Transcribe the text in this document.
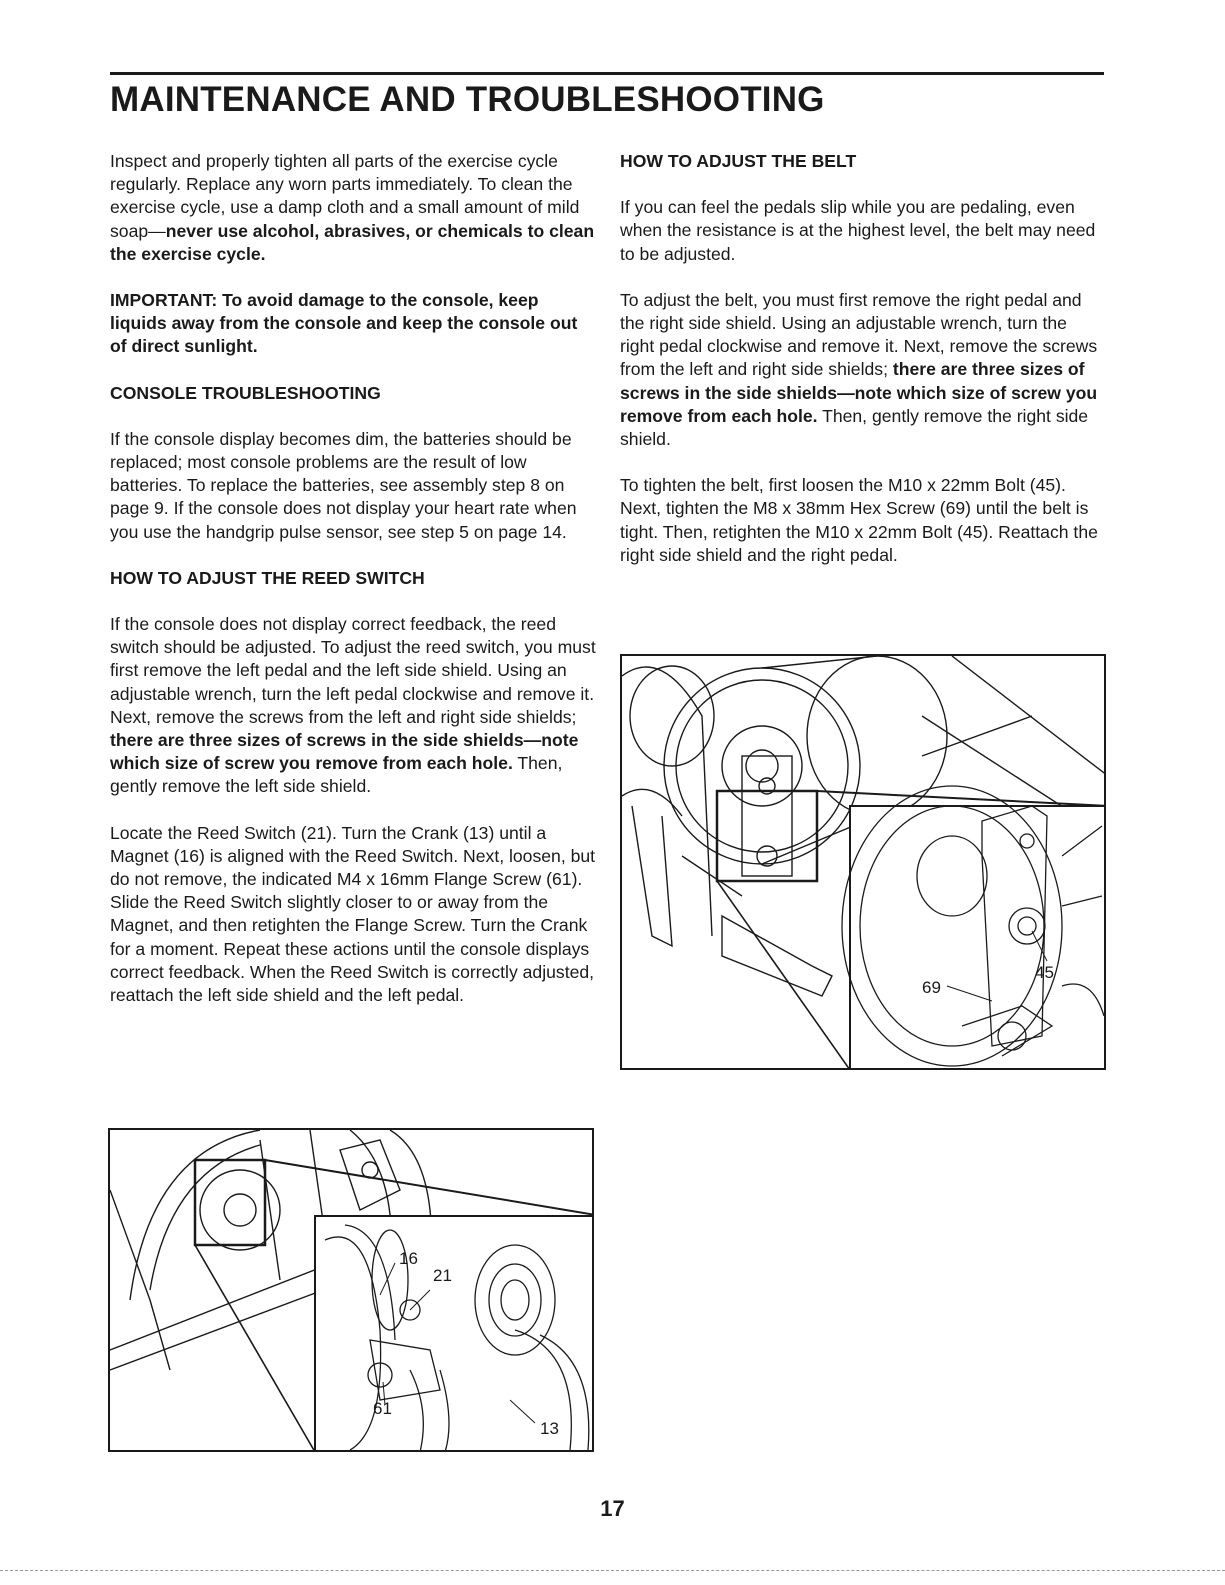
MAINTENANCE AND TROUBLESHOOTING

Inspect and properly tighten all parts of the exercise cycle regularly. Replace any worn parts immediately. To clean the exercise cycle, use a damp cloth and a small amount of mild soap—never use alcohol, abrasives, or chemicals to clean the exercise cycle.

IMPORTANT: To avoid damage to the console, keep liquids away from the console and keep the console out of direct sunlight.

CONSOLE TROUBLESHOOTING

If the console display becomes dim, the batteries should be replaced; most console problems are the result of low batteries. To replace the batteries, see assembly step 8 on page 9. If the console does not display your heart rate when you use the handgrip pulse sensor, see step 5 on page 14.

HOW TO ADJUST THE REED SWITCH

If the console does not display correct feedback, the reed switch should be adjusted. To adjust the reed switch, you must first remove the left pedal and the left side shield. Using an adjustable wrench, turn the left pedal clockwise and remove it. Next, remove the screws from the left and right side shields; there are three sizes of screws in the side shields—note which size of screw you remove from each hole. Then, gently remove the left side shield.

Locate the Reed Switch (21). Turn the Crank (13) until a Magnet (16) is aligned with the Reed Switch. Next, loosen, but do not remove, the indicated M4 x 16mm Flange Screw (61). Slide the Reed Switch slightly closer to or away from the Magnet, and then retighten the Flange Screw. Turn the Crank for a moment. Repeat these actions until the console displays correct feedback. When the Reed Switch is correctly adjusted, reattach the left side shield and the left pedal.

HOW TO ADJUST THE BELT

If you can feel the pedals slip while you are pedaling, even when the resistance is at the highest level, the belt may need to be adjusted.

To adjust the belt, you must first remove the right pedal and the right side shield. Using an adjustable wrench, turn the right pedal clockwise and remove it. Next, remove the screws from the left and right side shields; there are three sizes of screws in the side shields—note which size of screw you remove from each hole. Then, gently remove the right side shield.

To tighten the belt, first loosen the M10 x 22mm Bolt (45). Next, tighten the M8 x 38mm Hex Screw (69) until the belt is tight. Then, retighten the M10 x 22mm Bolt (45). Reattach the right side shield and the right pedal.

45
69
16
21
61
13
17
